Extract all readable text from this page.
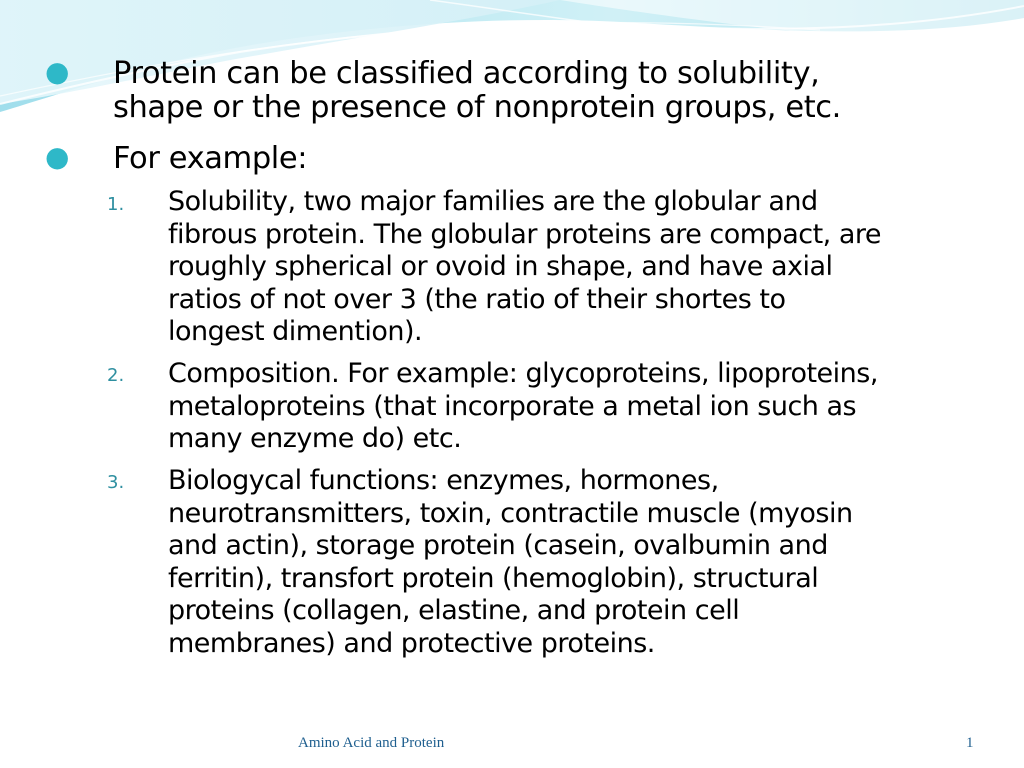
● Protein can be classified according to solubility,
shape or the presence of nonprotein groups, etc.
● For example:
1. Solubility, two major families are the globular and
fibrous protein. The globular proteins are compact, are
roughly spherical or ovoid in shape, and have axial
ratios of not over 3 (the ratio of their shortes to
longest dimention).
2. Composition. For example: glycoproteins, lipoproteins,
metaloproteins (that incorporate a metal ion such as
many enzyme do) etc.
3. Biologycal functions: enzymes, hormones,
neurotransmitters, toxin, contractile muscle (myosin
and actin), storage protein (casein, ovalbumin and
ferritin), transfort protein (hemoglobin), structural
proteins (collagen, elastine, and protein cell
membranes) and protective proteins.
Amino Acid and Protein	1
